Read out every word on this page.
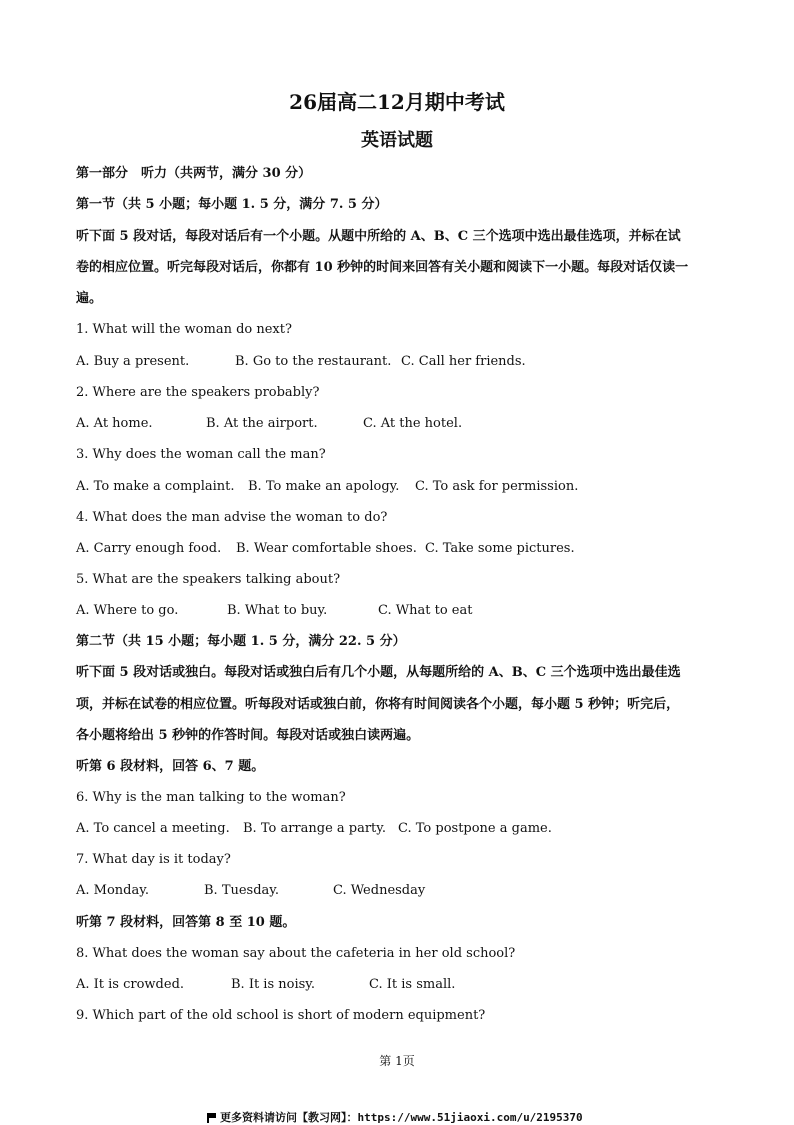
26届高二12月期中考试
英语试题
第一部分　听力（共两节，满分 30 分）
第一节（共 5 小题；每小题 1. 5 分，满分 7. 5 分）
听下面 5 段对话，每段对话后有一个小题。从题中所给的 A、B、C 三个选项中选出最佳选项，并标在试
卷的相应位置。听完每段对话后，你都有 10 秒钟的时间来回答有关小题和阅读下一小题。每段对话仅读一
遍。
1. What will the woman do next?
A. Buy a present.	B. Go to the restaurant. C. Call her friends.
2. Where are the speakers probably?
A. At home.	B. At the airport.	C. At the hotel.
3. Why does the woman call the man?
A. To make a complaint. B. To make an apology. C. To ask for permission.
4. What does the man advise the woman to do?
A. Carry enough food. B. Wear comfortable shoes. C. Take some pictures.
5. What are the speakers talking about?
A. Where to go.	B. What to buy.	C. What to eat
第二节（共 15 小题；每小题 1. 5 分，满分 22. 5 分）
听下面 5 段对话或独白。每段对话或独白后有几个小题，从每题所给的 A、B、C 三个选项中选出最佳选
项，并标在试卷的相应位置。听每段对话或独白前，你将有时间阅读各个小题，每小题 5 秒钟；听完后，
各小题将给出 5 秒钟的作答时间。每段对话或独白读两遍。
听第 6 段材料，回答 6、7 题。
6. Why is the man talking to the woman?
A. To cancel a meeting. B. To arrange a party. C. To postpone a game.
7. What day is it today?
A. Monday.	B. Tuesday.	C. Wednesday
听第 7 段材料，回答第 8 至 10 题。
8. What does the woman say about the cafeteria in her old school?
A. It is crowded.	B. It is noisy.	C. It is small.
9. Which part of the old school is short of modern equipment?
第 1页
更多资料请访问【教习网】：https://www.51jiaoxi.com/u/2195370
